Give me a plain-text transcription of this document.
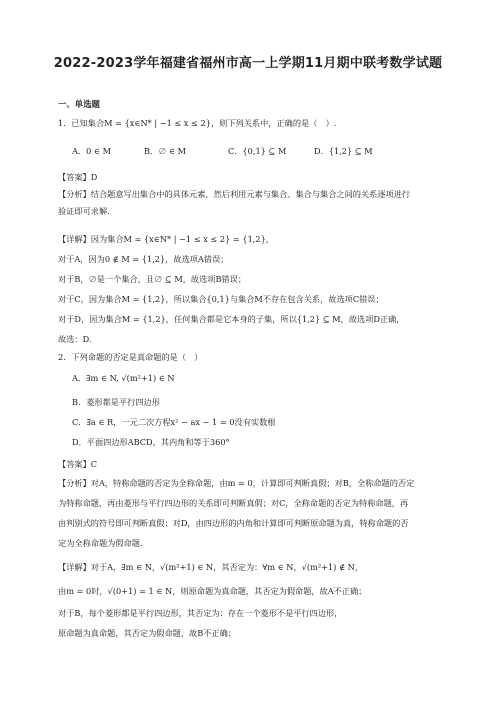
2022-2023学年福建省福州市高一上学期11月期中联考数学试题
一、单选题
1．已知集合M = {x∈N* | −1 ≤ x ≤ 2}，则下列关系中，正确的是（　）.
A．0 ∈ M	B．∅ ∈ M	C．{0,1} ⊆ M	D．{1,2} ⊆ M
【答案】D
【分析】结合题意写出集合中的具体元素，然后利用元素与集合、集合与集合之间的关系逐项进行
验证即可求解.
【详解】因为集合M = {x∈N* | −1 ≤ x ≤ 2} = {1,2}，
对于A，因为0 ∉ M = {1,2}，故选项A错误；
对于B，∅是一个集合，且∅ ⊆ M，故选项B错误；
对于C，因为集合M = {1,2}，所以集合{0,1}与集合M不存在包含关系，故选项C错误；
对于D，因为集合M = {1,2}，任何集合都是它本身的子集，所以{1,2} ⊆ M，故选项D正确，
故选：D.
2．下列命题的否定是真命题的是（　）
A．∃m ∈ N, √(m²+1) ∈ N
B．菱形都是平行四边形
C．∃a ∈ R，一元二次方程x² − ax − 1 = 0没有实数根
D．平面四边形ABCD，其内角和等于360°
【答案】C
【分析】对A，特称命题的否定为全称命题，由m = 0，计算即可判断真假；对B，全称命题的否定
为特称命题，再由菱形与平行四边形的关系即可判断真假；对C，全称命题的否定为特称命题，再
由判别式的符号即可判断真假；对D，由四边形的内角和计算即可判断原命题为真，特称命题的否
定为全称命题为假命题.
【详解】对于A，∃m ∈ N，√(m²+1) ∈ N，其否定为：∀m ∈ N，√(m²+1) ∉ N，
由m = 0时，√(0+1) = 1 ∈ N，则原命题为真命题，其否定为假命题，故A不正确；
对于B，每个菱形都是平行四边形，其否定为：存在一个菱形不是平行四边形，
原命题为真命题，其否定为假命题，故B不正确；
